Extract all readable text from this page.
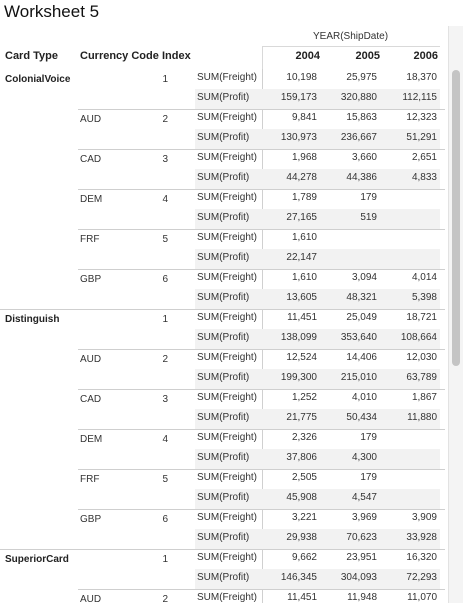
Worksheet 5
YEAR(ShipDate)
Card Type Currency Code Index	2004	2005	2006
ColonialVoice	1	SUM(Freight)	10,198	25,975	18,370
SUM(Profit)	159,173	320,880	112,115
AUD	2	SUM(Freight)	9,841	15,863	12,323
SUM(Profit)	130,973	236,667	51,291
CAD	3	SUM(Freight)	1,968	3,660	2,651
SUM(Profit)	44,278	44,386	4,833
DEM	4	SUM(Freight)	1,789	179
SUM(Profit)	27,165	519
FRF	5	SUM(Freight)	1,610
SUM(Profit)	22,147
GBP	6	SUM(Freight)	1,610	3,094	4,014
SUM(Profit)	13,605	48,321	5,398
Distinguish	1	SUM(Freight)	11,451	25,049	18,721
SUM(Profit)	138,099	353,640	108,664
AUD	2	SUM(Freight)	12,524	14,406	12,030
SUM(Profit)	199,300	215,010	63,789
CAD	3	SUM(Freight)	1,252	4,010	1,867
SUM(Profit)	21,775	50,434	11,880
DEM	4	SUM(Freight)	2,326	179
SUM(Profit)	37,806	4,300
FRF	5	SUM(Freight)	2,505	179
SUM(Profit)	45,908	4,547
GBP	6	SUM(Freight)	3,221	3,969	3,909
SUM(Profit)	29,938	70,623	33,928
SuperiorCard	1	SUM(Freight)	9,662	23,951	16,320
SUM(Profit)	146,345	304,093	72,293
AUD	2	SUM(Freight)	11,451	11,948	11,070
